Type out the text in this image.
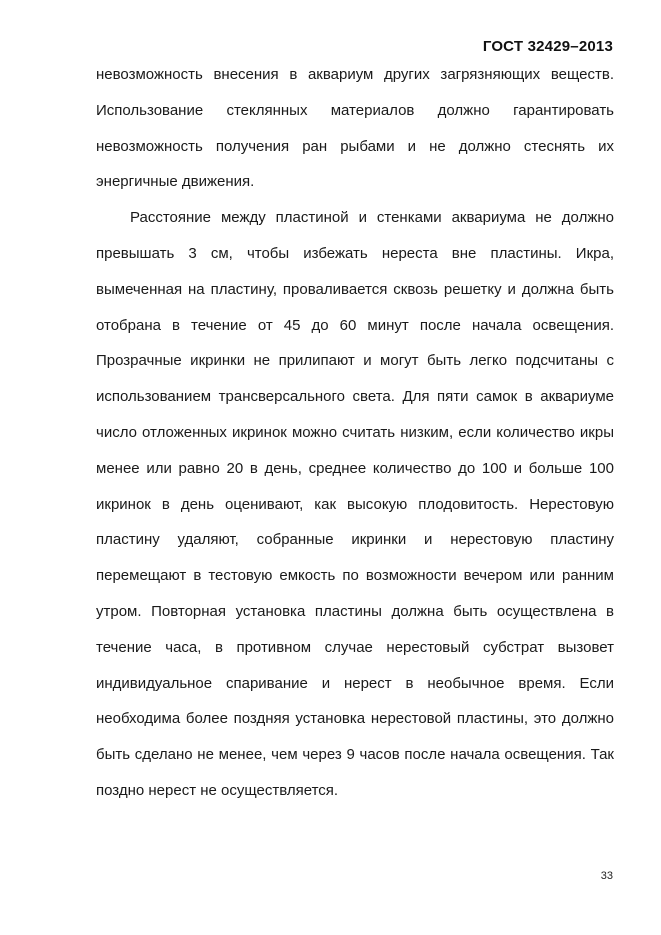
ГОСТ 32429–2013

невозможность внесения в аквариум других загрязняющих веществ. Использование стеклянных материалов должно гарантировать невозможность получения ран рыбами и не должно стеснять их энергичные движения.

Расстояние между пластиной и стенками аквариума не должно превышать 3 см, чтобы избежать нереста вне пластины. Икра, вымеченная на пластину, проваливается сквозь решетку и должна быть отобрана в течение от 45 до 60 минут после начала освещения. Прозрачные икринки не прилипают и могут быть легко подсчитаны с использованием трансверсального света. Для пяти самок в аквариуме число отложенных икринок можно считать низким, если количество икры менее или равно 20 в день, среднее количество до 100 и больше 100 икринок в день оценивают, как высокую плодовитость. Нерестовую пластину удаляют, собранные икринки и нерестовую пластину перемещают в тестовую емкость по возможности вечером или ранним утром. Повторная установка пластины должна быть осуществлена в течение часа, в противном случае нерестовый субстрат вызовет индивидуальное спаривание и нерест в необычное время. Если необходима более поздняя установка нерестовой пластины, это должно быть сделано не менее, чем через 9 часов после начала освещения. Так поздно нерест не осуществляется.

33
